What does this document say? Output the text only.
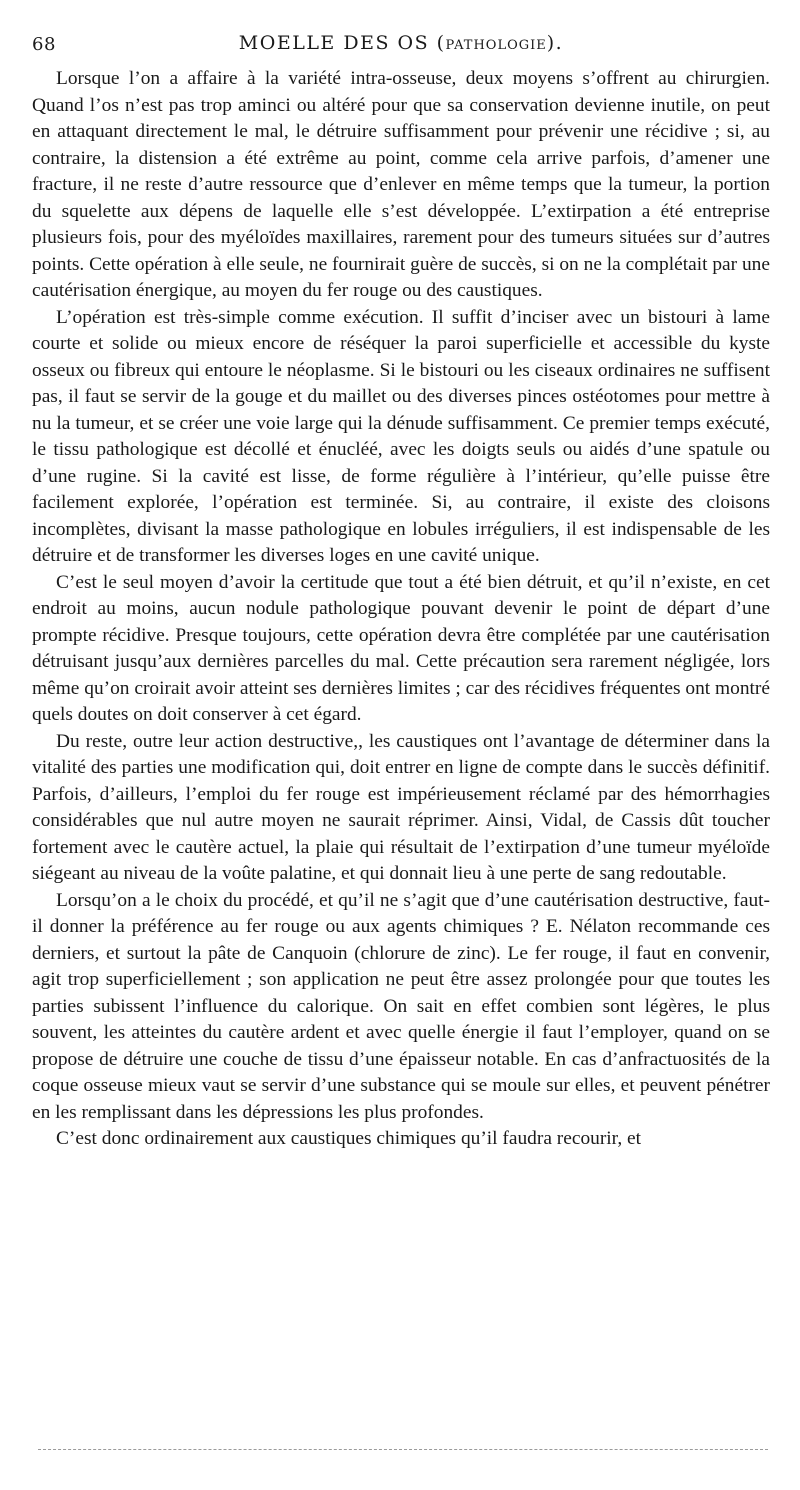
68	MOELLE DES OS (PATHOLOGIE).

Lorsque l’on a affaire à la variété intra-osseuse, deux moyens s’offrent au chirurgien. Quand l’os n’est pas trop aminci ou altéré pour que sa conservation devienne inutile, on peut en attaquant directement le mal, le détruire suffisamment pour prévenir une récidive ; si, au contraire, la distension a été extrême au point, comme cela arrive parfois, d’amener une fracture, il ne reste d’autre ressource que d’enlever en même temps que la tumeur, la portion du squelette aux dépens de laquelle elle s’est développée. L’extirpation a été entreprise plusieurs fois, pour des myéloïdes maxillaires, rarement pour des tumeurs situées sur d’autres points. Cette opération à elle seule, ne fournirait guère de succès, si on ne la complétait par une cautérisation énergique, au moyen du fer rouge ou des caustiques.

L’opération est très-simple comme exécution. Il suffit d’inciser avec un bistouri à lame courte et solide ou mieux encore de réséquer la paroi superficielle et accessible du kyste osseux ou fibreux qui entoure le néoplasme. Si le bistouri ou les ciseaux ordinaires ne suffisent pas, il faut se servir de la gouge et du maillet ou des diverses pinces ostéotomes pour mettre à nu la tumeur, et se créer une voie large qui la dénude suffisamment. Ce premier temps exécuté, le tissu pathologique est décollé et énucléé, avec les doigts seuls ou aidés d’une spatule ou d’une rugine. Si la cavité est lisse, de forme régulière à l’intérieur, qu’elle puisse être facilement explorée, l’opération est terminée. Si, au contraire, il existe des cloisons incomplètes, divisant la masse pathologique en lobules irréguliers, il est indispensable de les détruire et de transformer les diverses loges en une cavité unique.

C’est le seul moyen d’avoir la certitude que tout a été bien détruit, et qu’il n’existe, en cet endroit au moins, aucun nodule pathologique pouvant devenir le point de départ d’une prompte récidive. Presque toujours, cette opération devra être complétée par une cautérisation détruisant jusqu’aux dernières parcelles du mal. Cette précaution sera rarement négligée, lors même qu’on croirait avoir atteint ses dernières limites ; car des récidives fréquentes ont montré quels doutes on doit conserver à cet égard.

Du reste, outre leur action destructive,, les caustiques ont l’avantage de déterminer dans la vitalité des parties une modification qui, doit entrer en ligne de compte dans le succès définitif. Parfois, d’ailleurs, l’emploi du fer rouge est impérieusement réclamé par des hémorrhagies considérables que nul autre moyen ne saurait réprimer. Ainsi, Vidal, de Cassis dût toucher fortement avec le cautère actuel, la plaie qui résultait de l’extirpation d’une tumeur myéloïde siégeant au niveau de la voûte palatine, et qui donnait lieu à une perte de sang redoutable.

Lorsqu’on a le choix du procédé, et qu’il ne s’agit que d’une cautérisation destructive, faut-il donner la préférence au fer rouge ou aux agents chimiques ? E. Nélaton recommande ces derniers, et surtout la pâte de Canquoin (chlorure de zinc). Le fer rouge, il faut en convenir, agit trop superficiellement ; son application ne peut être assez prolongée pour que toutes les parties subissent l’influence du calorique. On sait en effet combien sont légères, le plus souvent, les atteintes du cautère ardent et avec quelle énergie il faut l’employer, quand on se propose de détruire une couche de tissu d’une épaisseur notable. En cas d’anfractuosités de la coque osseuse mieux vaut se servir d’une substance qui se moule sur elles, et peuvent pénétrer en les remplissant dans les dépressions les plus profondes.

C’est donc ordinairement aux caustiques chimiques qu’il faudra recourir, et
